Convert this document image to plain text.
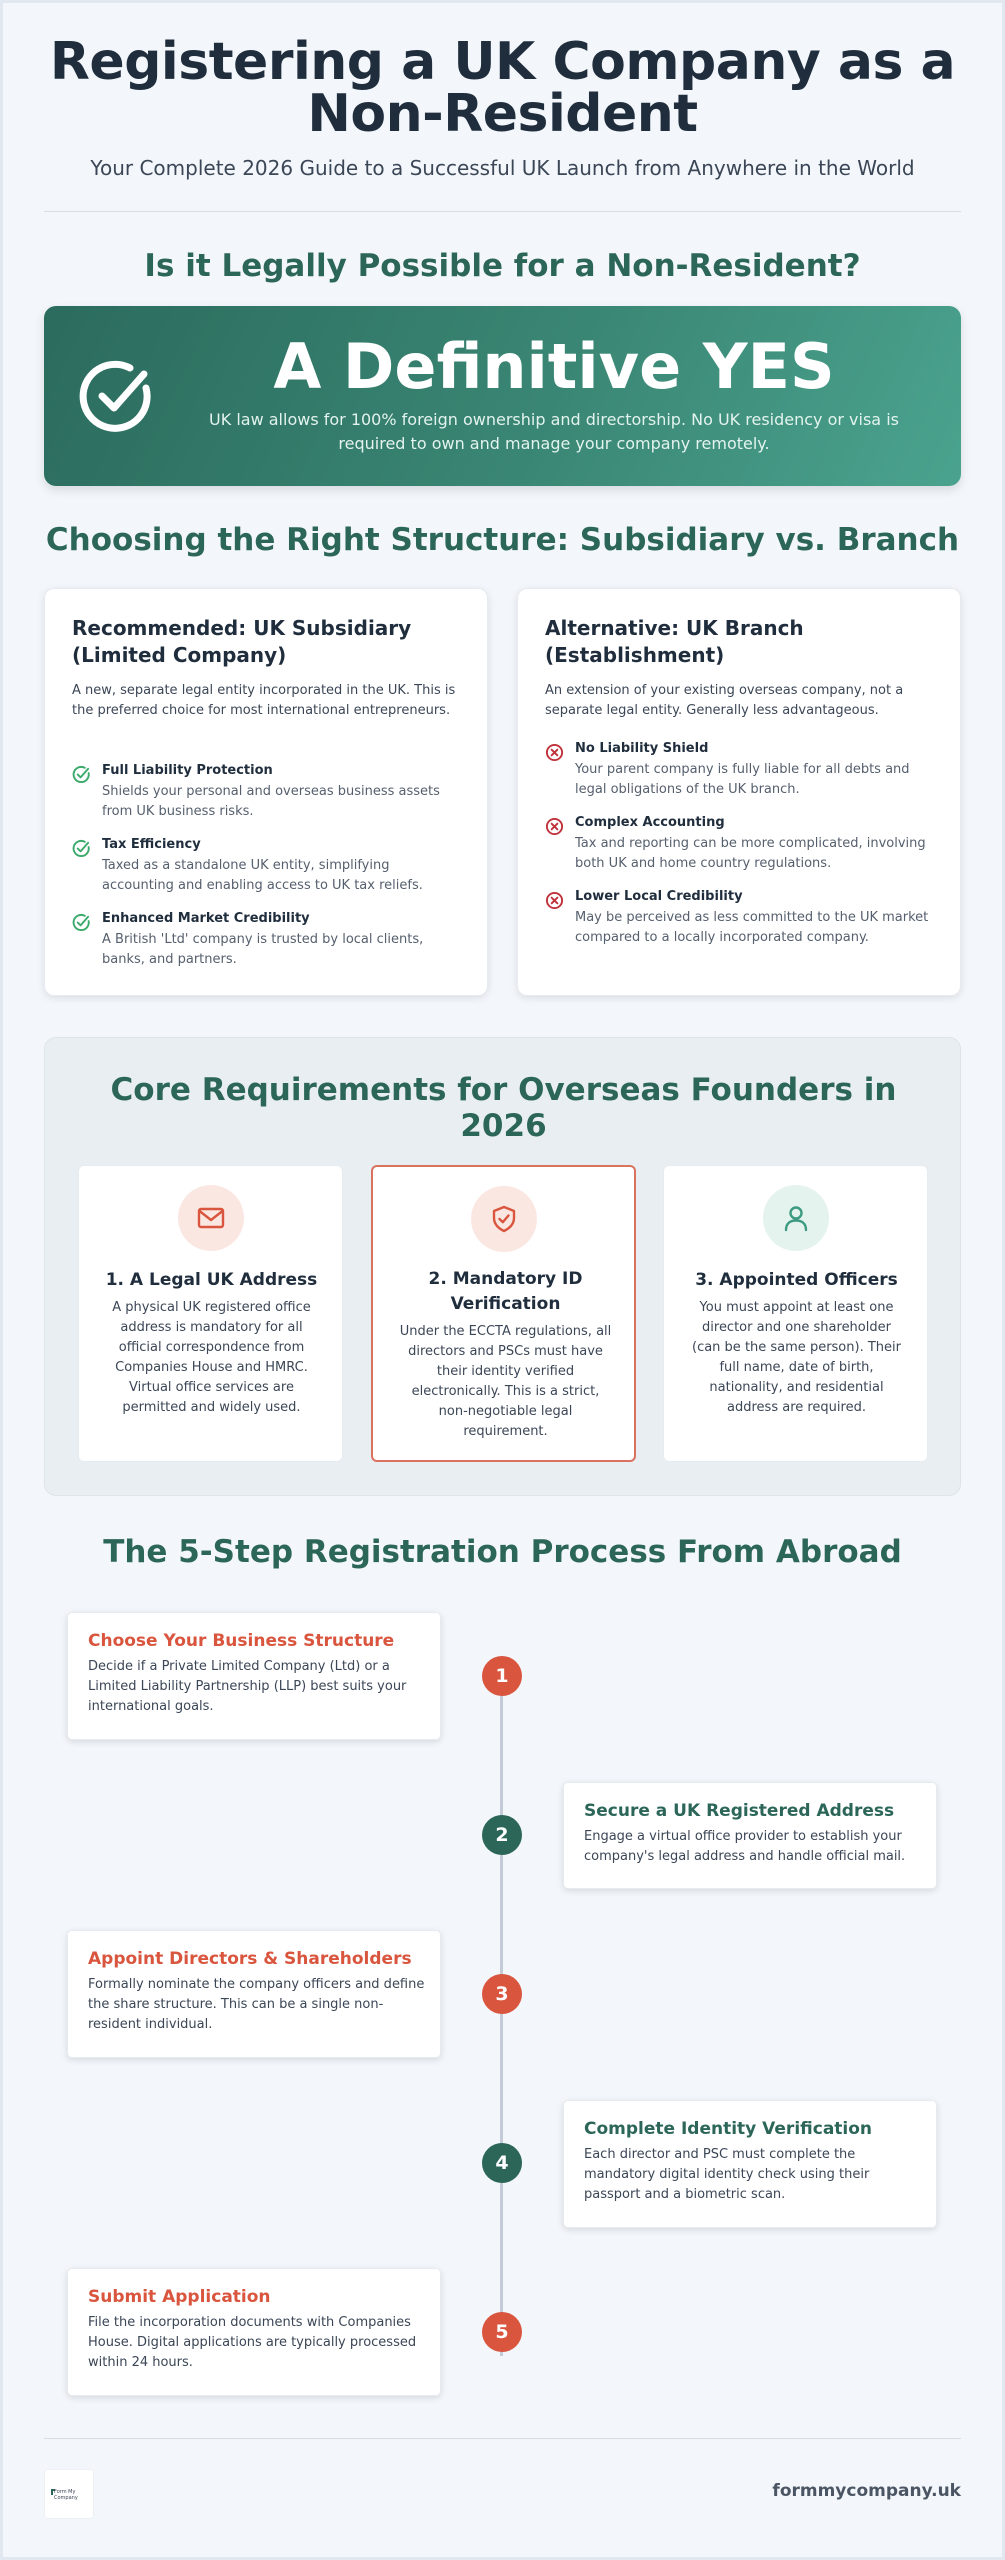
Registering a UK Company as a
Non-Resident
Your Complete 2026 Guide to a Successful UK Launch from Anywhere in the World
Is it Legally Possible for a Non-Resident?
A Definitive YES
UK law allows for 100% foreign ownership and directorship. No UK residency or visa is required to own and manage your company remotely.
Choosing the Right Structure: Subsidiary vs. Branch
Recommended: UK Subsidiary
(Limited Company)
A new, separate legal entity incorporated in the UK. This is the preferred choice for most international entrepreneurs.
Full Liability Protection
Shields your personal and overseas business assets from UK business risks.
Tax Efficiency
Taxed as a standalone UK entity, simplifying accounting and enabling access to UK tax reliefs.
Enhanced Market Credibility
A British 'Ltd' company is trusted by local clients, banks, and partners.
Alternative: UK Branch
(Establishment)
An extension of your existing overseas company, not a separate legal entity. Generally less advantageous.
No Liability Shield
Your parent company is fully liable for all debts and legal obligations of the UK branch.
Complex Accounting
Tax and reporting can be more complicated, involving both UK and home country regulations.
Lower Local Credibility
May be perceived as less committed to the UK market compared to a locally incorporated company.
Core Requirements for Overseas Founders in 2026
1. A Legal UK Address
A physical UK registered office address is mandatory for all official correspondence from Companies House and HMRC. Virtual office services are permitted and widely used.
2. Mandatory ID Verification
Under the ECCTA regulations, all directors and PSCs must have their identity verified electronically. This is a strict, non-negotiable legal requirement.
3. Appointed Officers
You must appoint at least one director and one shareholder (can be the same person). Their full name, date of birth, nationality, and residential address are required.
The 5-Step Registration Process From Abroad
Choose Your Business Structure
Decide if a Private Limited Company (Ltd) or a Limited Liability Partnership (LLP) best suits your international goals.
1
Secure a UK Registered Address
Engage a virtual office provider to establish your company's legal address and handle official mail.
2
Appoint Directors & Shareholders
Formally nominate the company officers and define the share structure. This can be a single non-resident individual.
3
Complete Identity Verification
Each director and PSC must complete the mandatory digital identity check using their passport and a biometric scan.
4
Submit Application
File the incorporation documents with Companies House. Digital applications are typically processed within 24 hours.
5
Form My Company	formmycompany.uk
